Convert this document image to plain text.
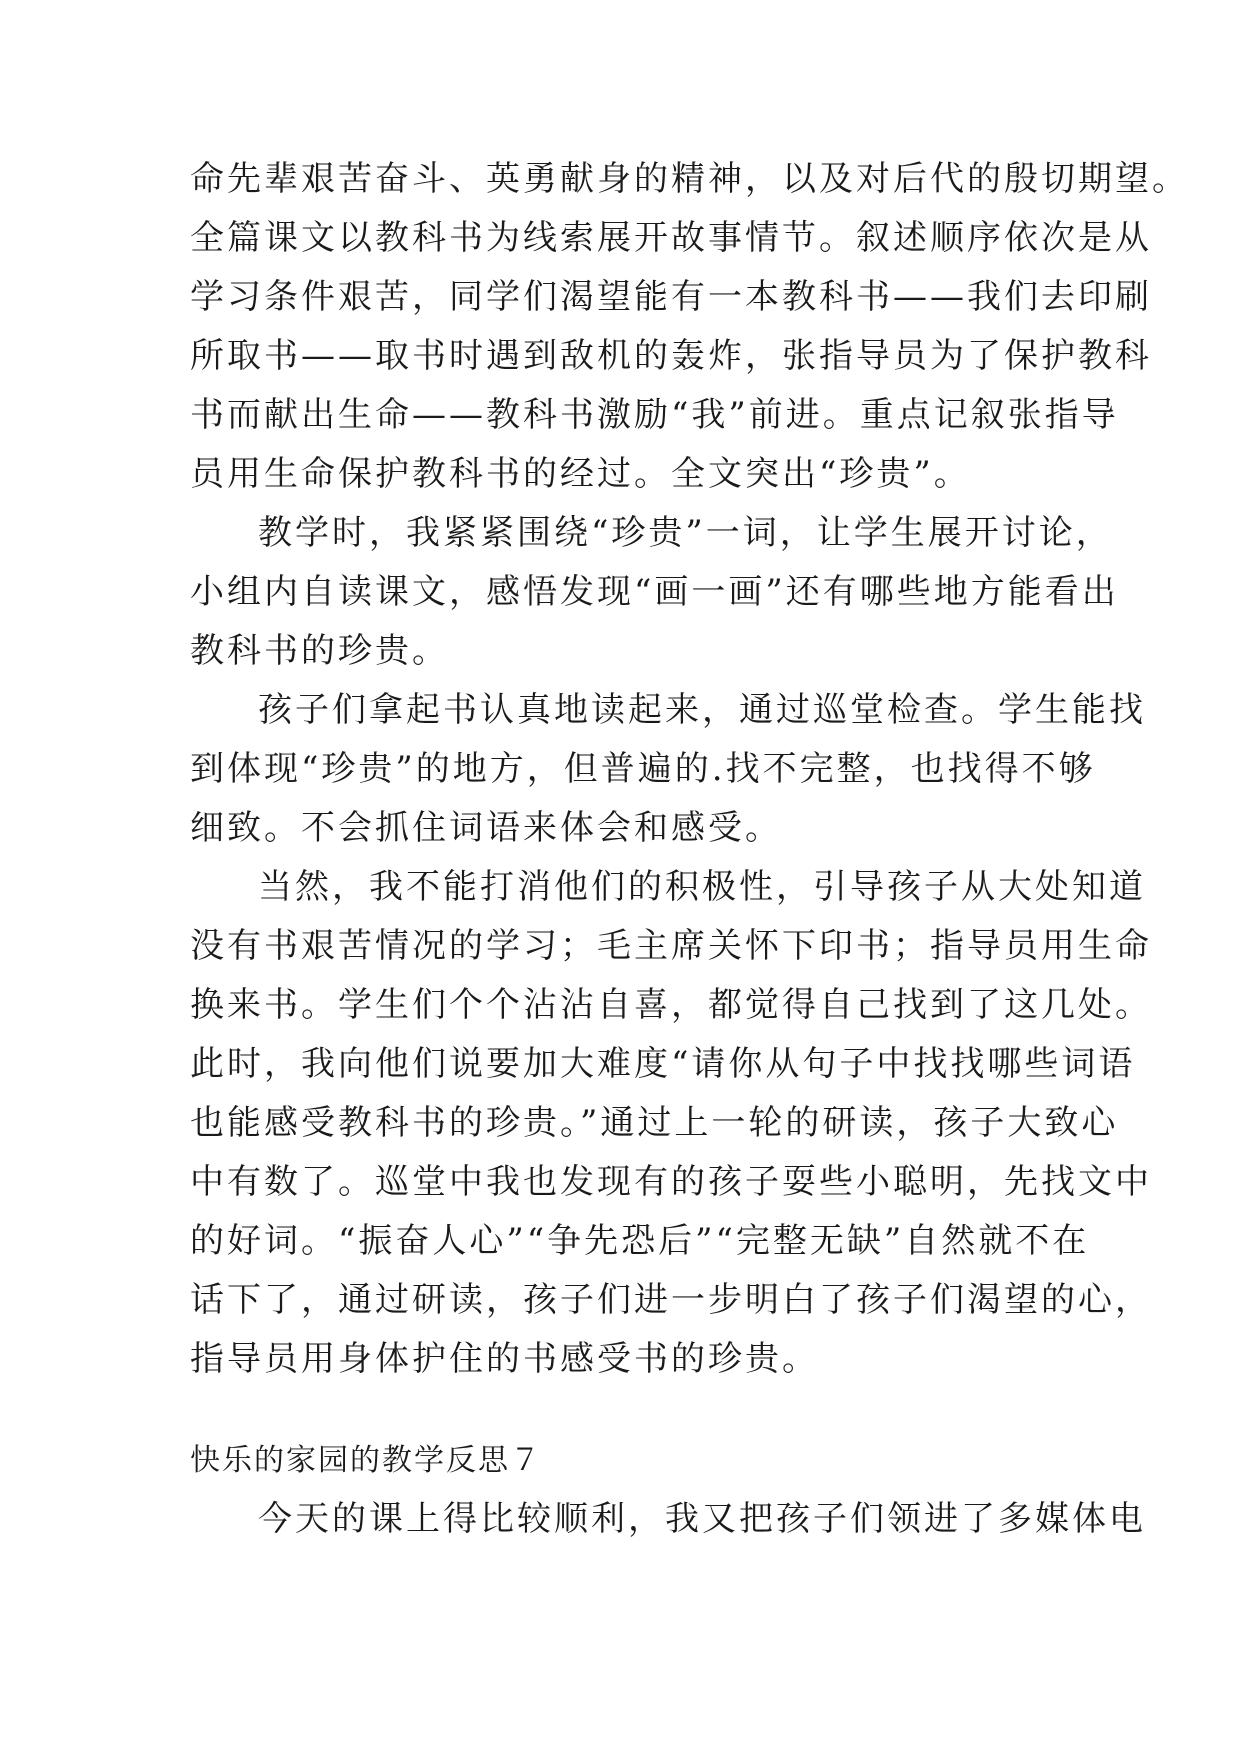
命先辈艰苦奋斗、英勇献身的精神，以及对后代的殷切期望。
全篇课文以教科书为线索展开故事情节。叙述顺序依次是从
学习条件艰苦，同学们渴望能有一本教科书——我们去印刷
所取书——取书时遇到敌机的轰炸，张指导员为了保护教科
书而献出生命——教科书激励“我”前进。重点记叙张指导
员用生命保护教科书的经过。全文突出“珍贵”。
教学时，我紧紧围绕“珍贵”一词，让学生展开讨论，
小组内自读课文，感悟发现“画一画”还有哪些地方能看出
教科书的珍贵。
孩子们拿起书认真地读起来，通过巡堂检查。学生能找
到体现“珍贵”的地方，但普遍的.找不完整，也找得不够
细致。不会抓住词语来体会和感受。
当然，我不能打消他们的积极性，引导孩子从大处知道
没有书艰苦情况的学习；毛主席关怀下印书；指导员用生命
换来书。学生们个个沾沾自喜，都觉得自己找到了这几处。
此时，我向他们说要加大难度“请你从句子中找找哪些词语
也能感受教科书的珍贵。”通过上一轮的研读，孩子大致心
中有数了。巡堂中我也发现有的孩子耍些小聪明，先找文中
的好词。“振奋人心”“争先恐后”“完整无缺”自然就不在
话下了，通过研读，孩子们进一步明白了孩子们渴望的心，
指导员用身体护住的书感受书的珍贵。
快乐的家园的教学反思７
今天的课上得比较顺利，我又把孩子们领进了多媒体电
